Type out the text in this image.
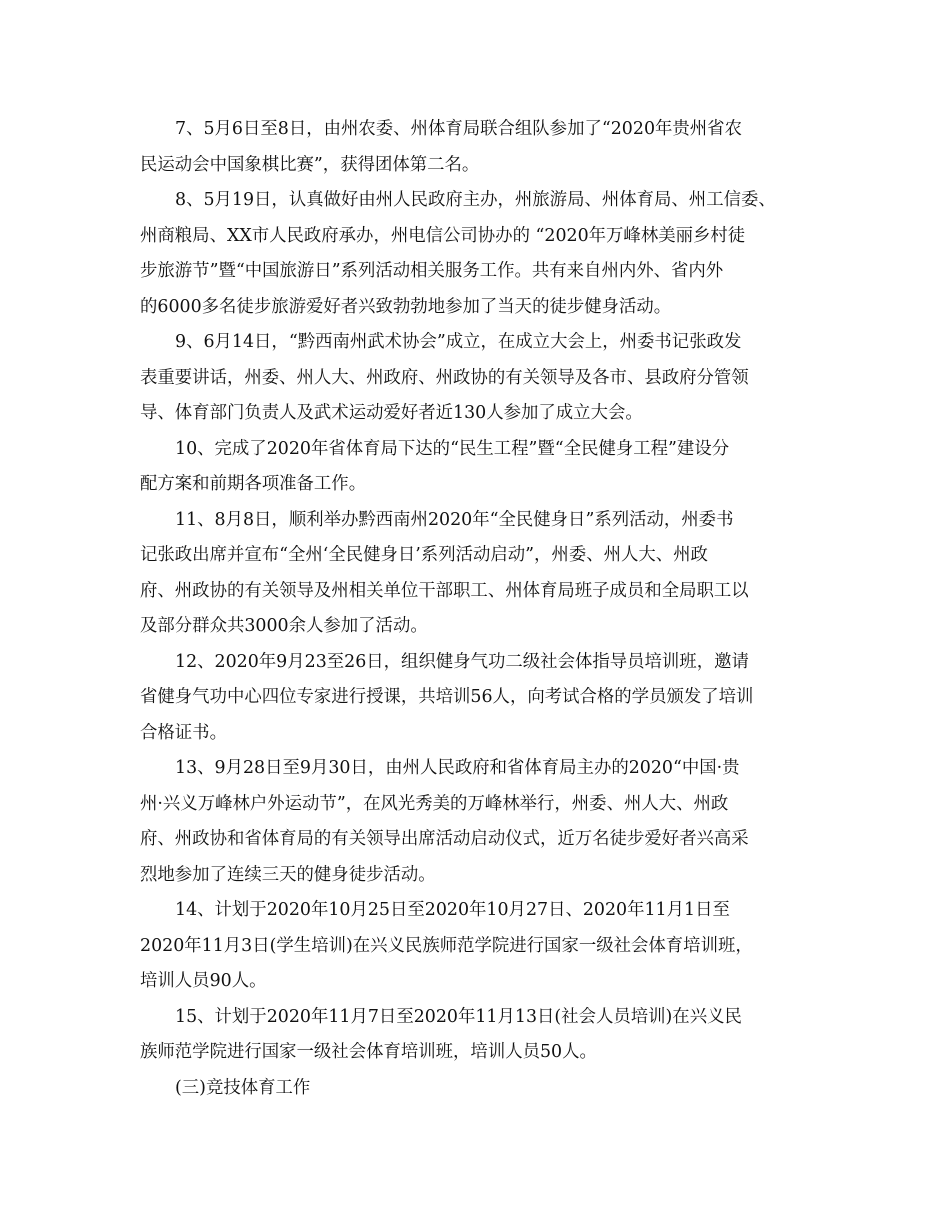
7、5月6日至8日，由州农委、州体育局联合组队参加了“2020年贵州省农
民运动会中国象棋比赛”，获得团体第二名。

8、5月19日，认真做好由州人民政府主办，州旅游局、州体育局、州工信委、
州商粮局、XX市人民政府承办，州电信公司协办的 “2020年万峰林美丽乡村徒
步旅游节”暨“中国旅游日”系列活动相关服务工作。共有来自州内外、省内外
的6000多名徒步旅游爱好者兴致勃勃地参加了当天的徒步健身活动。

9、6月14日，“黔西南州武术协会”成立，在成立大会上，州委书记张政发
表重要讲话，州委、州人大、州政府、州政协的有关领导及各市、县政府分管领
导、体育部门负责人及武术运动爱好者近130人参加了成立大会。

10、完成了2020年省体育局下达的“民生工程”暨“全民健身工程”建设分
配方案和前期各项准备工作。

11、8月8日，顺利举办黔西南州2020年“全民健身日”系列活动，州委书
记张政出席并宣布“全州‘全民健身日’系列活动启动”，州委、州人大、州政
府、州政协的有关领导及州相关单位干部职工、州体育局班子成员和全局职工以
及部分群众共3000余人参加了活动。

12、2020年9月23至26日，组织健身气功二级社会体指导员培训班，邀请
省健身气功中心四位专家进行授课，共培训56人，向考试合格的学员颁发了培训
合格证书。

13、9月28日至9月30日，由州人民政府和省体育局主办的2020“中国·贵
州·兴义万峰林户外运动节”，在风光秀美的万峰林举行，州委、州人大、州政
府、州政协和省体育局的有关领导出席活动启动仪式，近万名徒步爱好者兴高采
烈地参加了连续三天的健身徒步活动。

14、计划于2020年10月25日至2020年10月27日、2020年11月1日至
2020年11月3日(学生培训)在兴义民族师范学院进行国家一级社会体育培训班，
培训人员90人。

15、计划于2020年11月7日至2020年11月13日(社会人员培训)在兴义民
族师范学院进行国家一级社会体育培训班，培训人员50人。

(三)竞技体育工作
